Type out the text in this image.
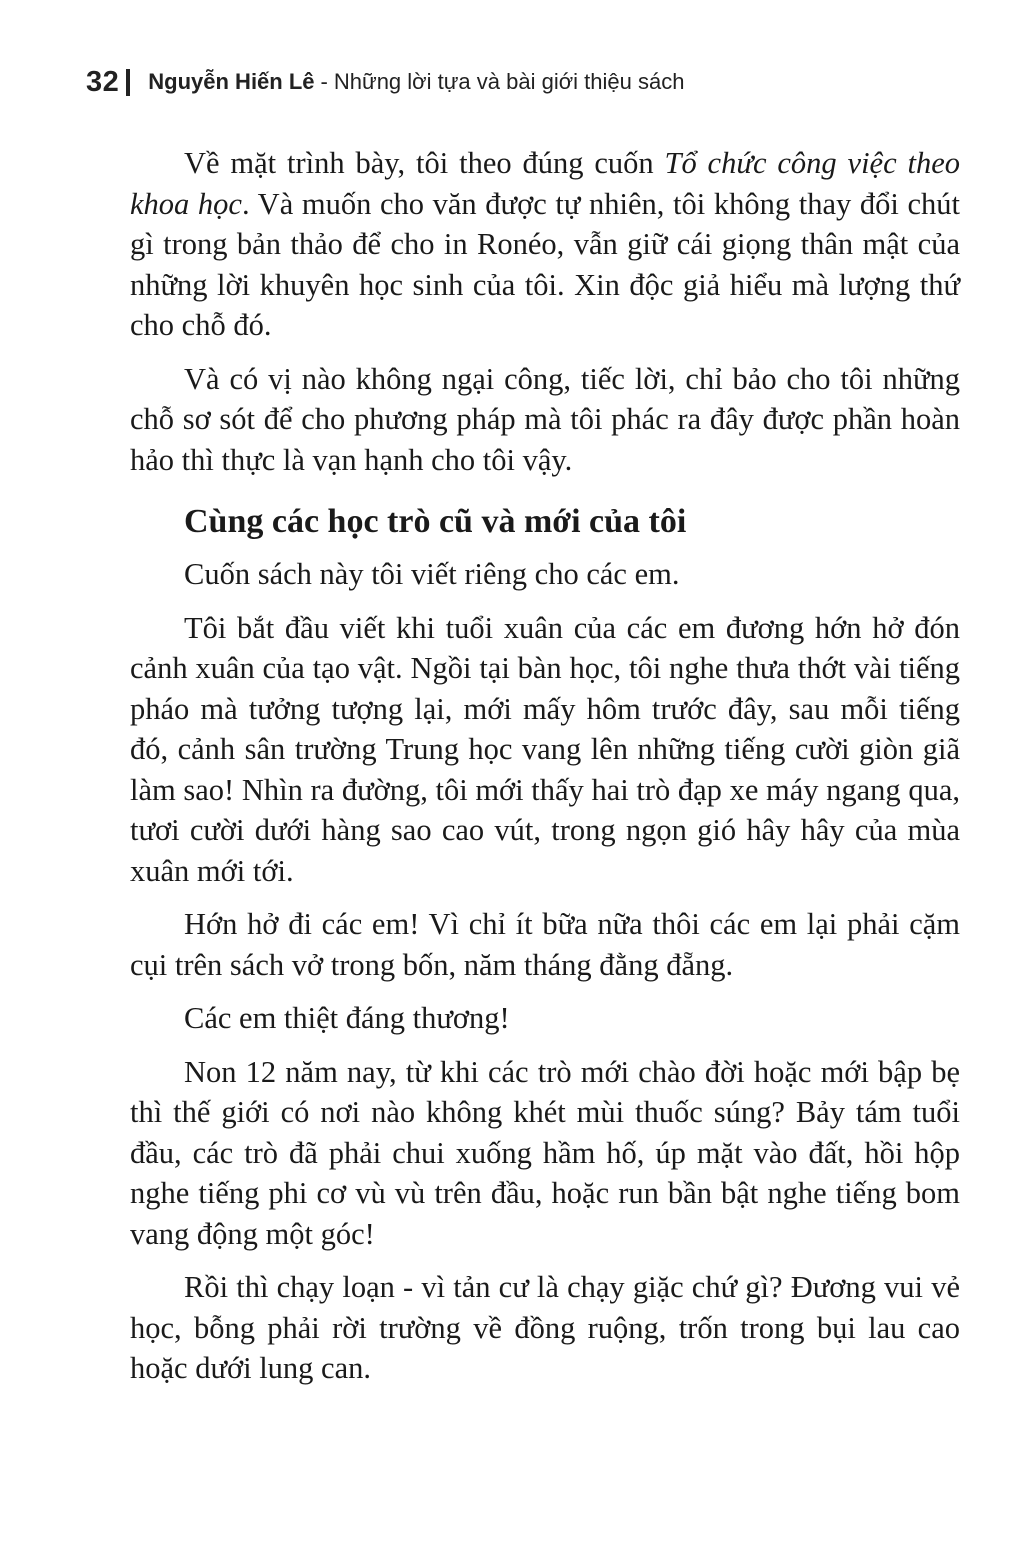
32 Nguyễn Hiến Lê - Những lời tựa và bài giới thiệu sách

Về mặt trình bày, tôi theo đúng cuốn Tổ chức công việc theo khoa học. Và muốn cho văn được tự nhiên, tôi không thay đổi chút gì trong bản thảo để cho in Ronéo, vẫn giữ cái giọng thân mật của những lời khuyên học sinh của tôi. Xin độc giả hiểu mà lượng thứ cho chỗ đó.

Và có vị nào không ngại công, tiếc lời, chỉ bảo cho tôi những chỗ sơ sót để cho phương pháp mà tôi phác ra đây được phần hoàn hảo thì thực là vạn hạnh cho tôi vậy.

Cùng các học trò cũ và mới của tôi

Cuốn sách này tôi viết riêng cho các em.

Tôi bắt đầu viết khi tuổi xuân của các em đương hớn hở đón cảnh xuân của tạo vật. Ngồi tại bàn học, tôi nghe thưa thớt vài tiếng pháo mà tưởng tượng lại, mới mấy hôm trước đây, sau mỗi tiếng đó, cảnh sân trường Trung học vang lên những tiếng cười giòn giã làm sao! Nhìn ra đường, tôi mới thấy hai trò đạp xe máy ngang qua, tươi cười dưới hàng sao cao vút, trong ngọn gió hây hây của mùa xuân mới tới.

Hớn hở đi các em! Vì chỉ ít bữa nữa thôi các em lại phải cặm cụi trên sách vở trong bốn, năm tháng đằng đẵng.

Các em thiệt đáng thương!

Non 12 năm nay, từ khi các trò mới chào đời hoặc mới bập bẹ thì thế giới có nơi nào không khét mùi thuốc súng? Bảy tám tuổi đầu, các trò đã phải chui xuống hầm hố, úp mặt vào đất, hồi hộp nghe tiếng phi cơ vù vù trên đầu, hoặc run bần bật nghe tiếng bom vang động một góc!

Rồi thì chạy loạn - vì tản cư là chạy giặc chứ gì? Đương vui vẻ học, bỗng phải rời trường về đồng ruộng, trốn trong bụi lau cao hoặc dưới lung can.
